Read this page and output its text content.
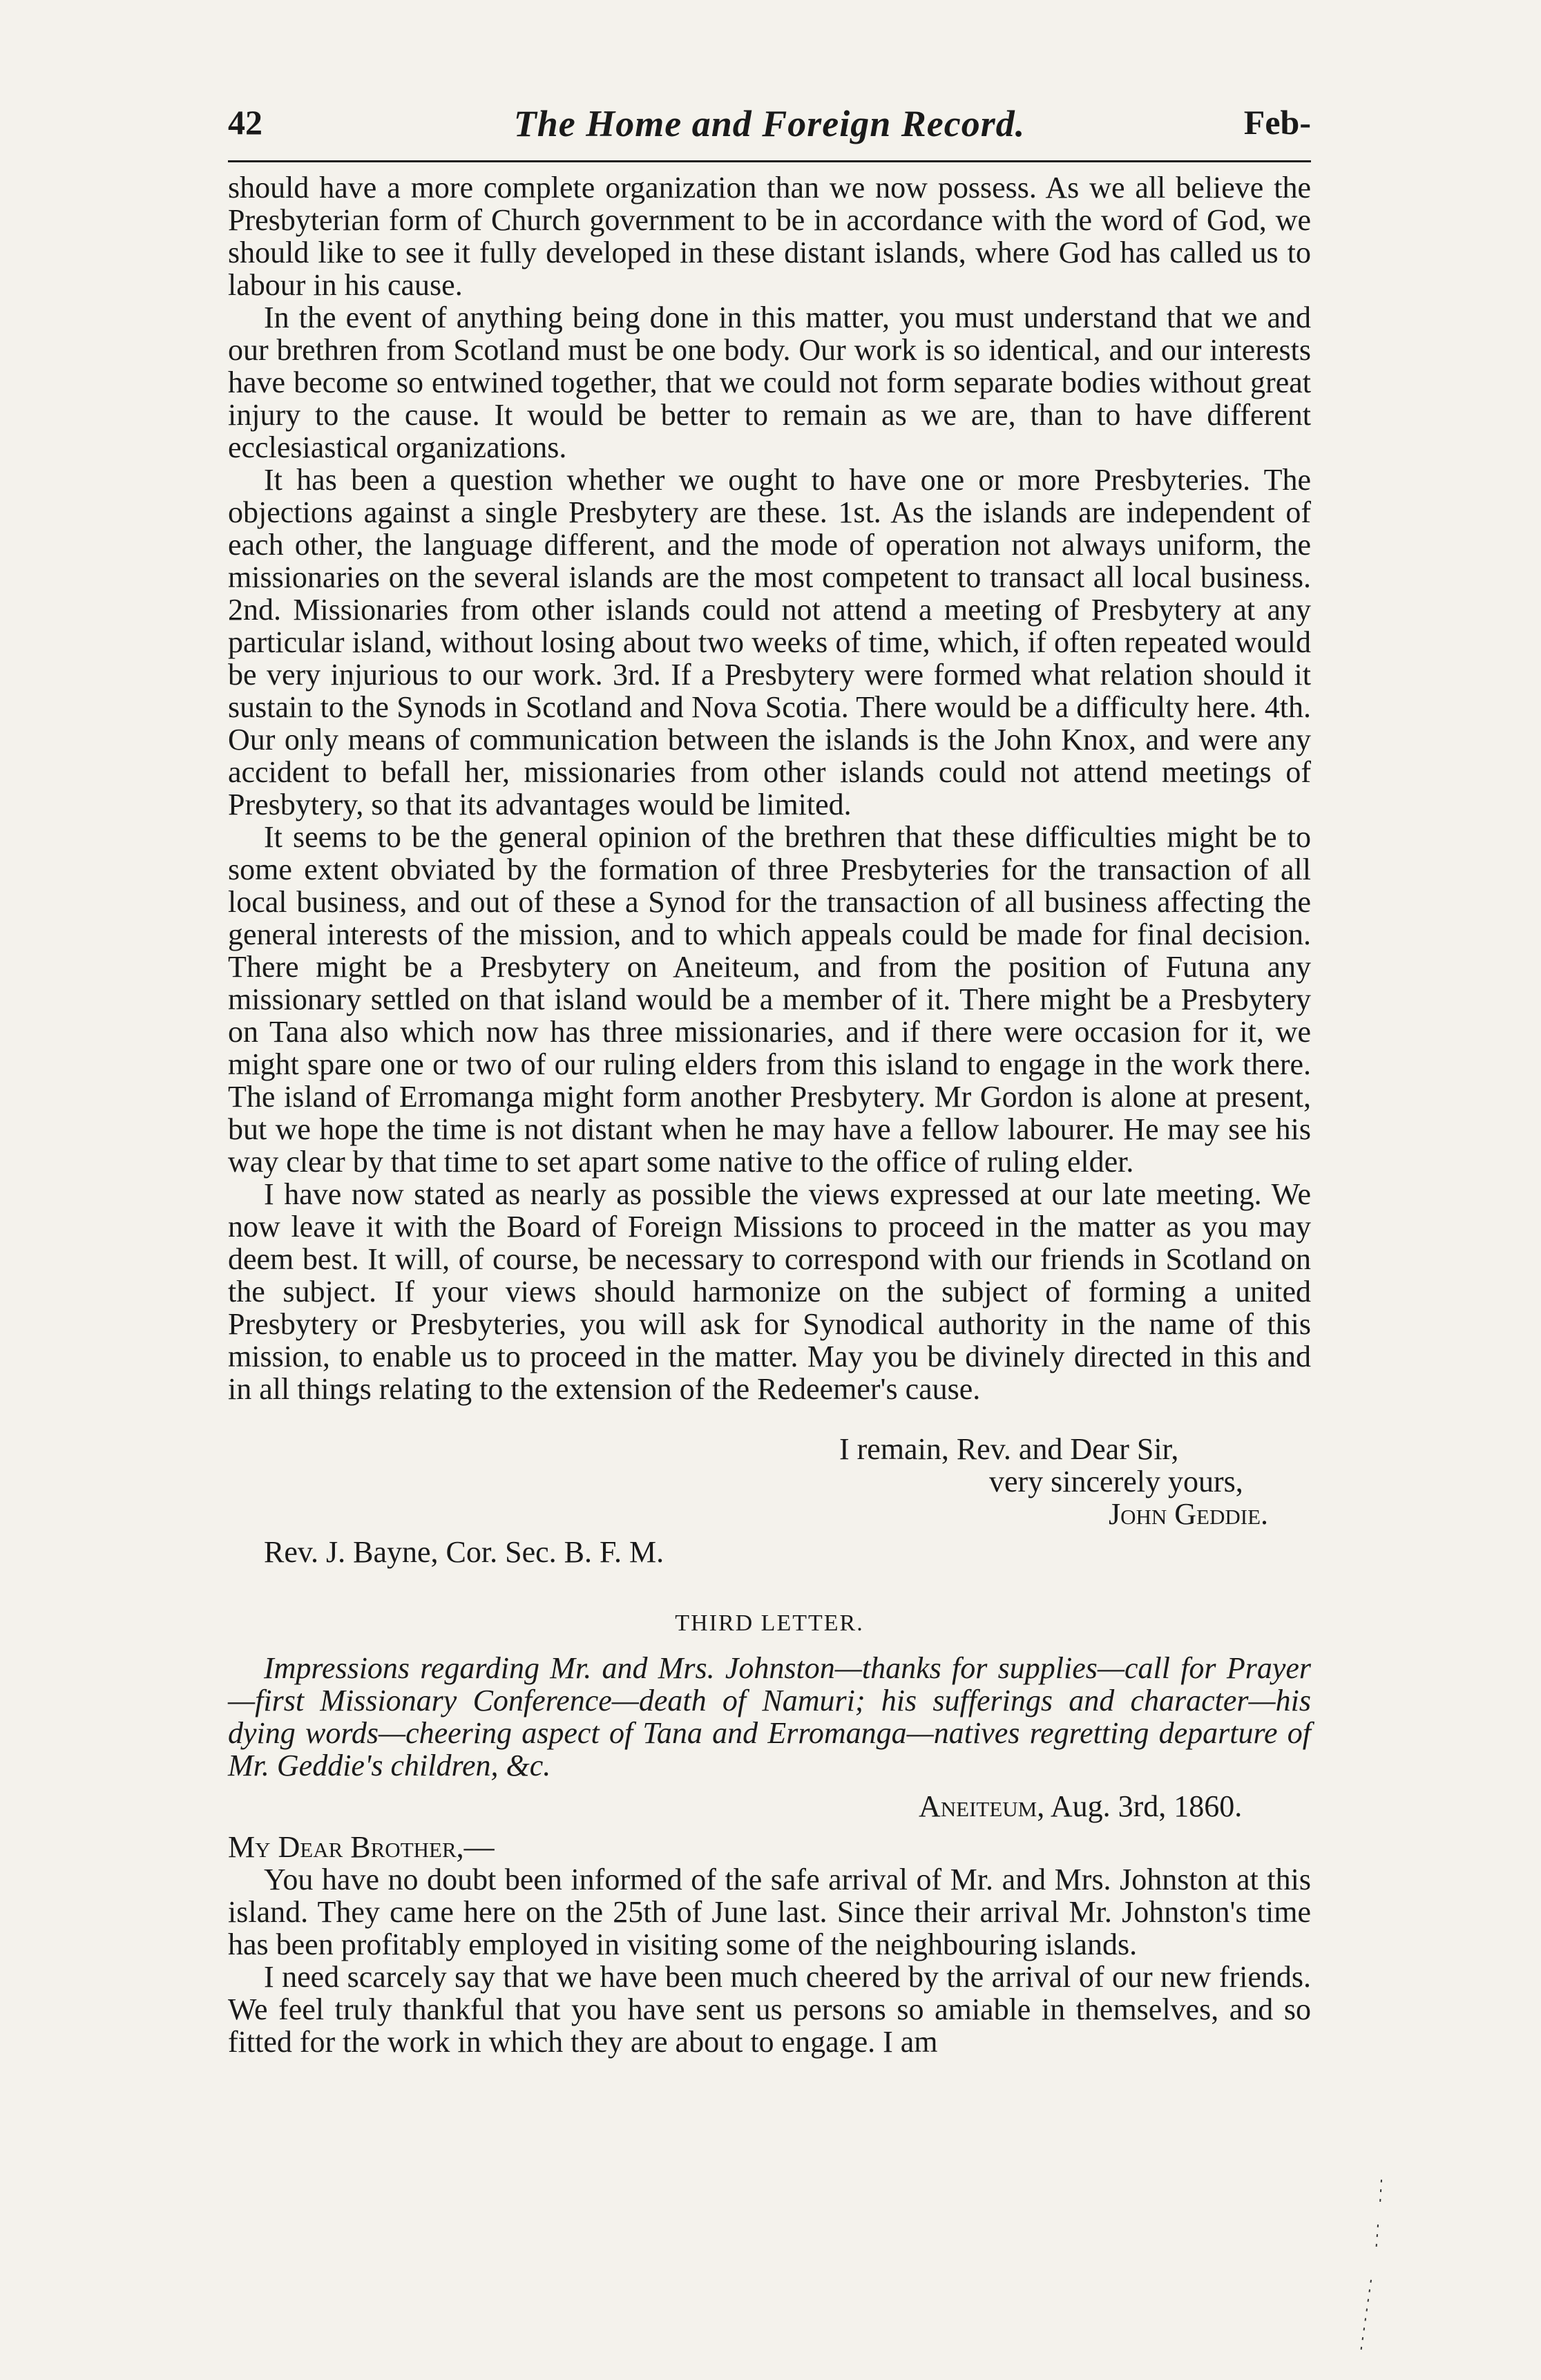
42	The Home and Foreign Record.	Feb-

should have a more complete organization than we now possess. As we all believe the Presbyterian form of Church government to be in accordance with the word of God, we should like to see it fully developed in these distant islands, where God has called us to labour in his cause.

In the event of anything being done in this matter, you must understand that we and our brethren from Scotland must be one body. Our work is so identical, and our interests have become so entwined together, that we could not form separate bodies without great injury to the cause. It would be better to remain as we are, than to have different ecclesiastical organizations.

It has been a question whether we ought to have one or more Presbyteries. The objections against a single Presbytery are these. 1st. As the islands are independent of each other, the language different, and the mode of operation not always uniform, the missionaries on the several islands are the most competent to transact all local business. 2nd. Missionaries from other islands could not attend a meeting of Presbytery at any particular island, without losing about two weeks of time, which, if often repeated would be very injurious to our work. 3rd. If a Presbytery were formed what relation should it sustain to the Synods in Scotland and Nova Scotia. There would be a difficulty here. 4th. Our only means of communication between the islands is the John Knox, and were any accident to befall her, missionaries from other islands could not attend meetings of Presbytery, so that its advantages would be limited.

It seems to be the general opinion of the brethren that these difficulties might be to some extent obviated by the formation of three Presbyteries for the transaction of all local business, and out of these a Synod for the transaction of all business affecting the general interests of the mission, and to which appeals could be made for final decision. There might be a Presbytery on Aneiteum, and from the position of Futuna any missionary settled on that island would be a member of it. There might be a Presbytery on Tana also which now has three missionaries, and if there were occasion for it, we might spare one or two of our ruling elders from this island to engage in the work there. The island of Erromanga might form another Presbytery. Mr Gordon is alone at present, but we hope the time is not distant when he may have a fellow labourer. He may see his way clear by that time to set apart some native to the office of ruling elder.

I have now stated as nearly as possible the views expressed at our late meeting. We now leave it with the Board of Foreign Missions to proceed in the matter as you may deem best. It will, of course, be necessary to correspond with our friends in Scotland on the subject. If your views should harmonize on the subject of forming a united Presbytery or Presbyteries, you will ask for Synodical authority in the name of this mission, to enable us to proceed in the matter. May you be divinely directed in this and in all things relating to the extension of the Redeemer's cause.

I remain, Rev. and Dear Sir,
very sincerely yours,
John Geddie.
Rev. J. Bayne, Cor. Sec. B. F. M.
THIRD LETTER.

Impressions regarding Mr. and Mrs. Johnston—thanks for supplies—call for Prayer—first Missionary Conference—death of Namuri; his sufferings and character—his dying words—cheering aspect of Tana and Erromanga—natives regretting departure of Mr. Geddie's children, &c.

Aneiteum, Aug. 3rd, 1860.
My Dear Brother,—

You have no doubt been informed of the safe arrival of Mr. and Mrs. Johnston at this island. They came here on the 25th of June last. Since their arrival Mr. Johnston's time has been profitably employed in visiting some of the neighbouring islands.

I need scarcely say that we have been much cheered by the arrival of our new friends. We feel truly thankful that you have sent us persons so amiable in themselves, and so fitted for the work in which they are about to engage. I am
